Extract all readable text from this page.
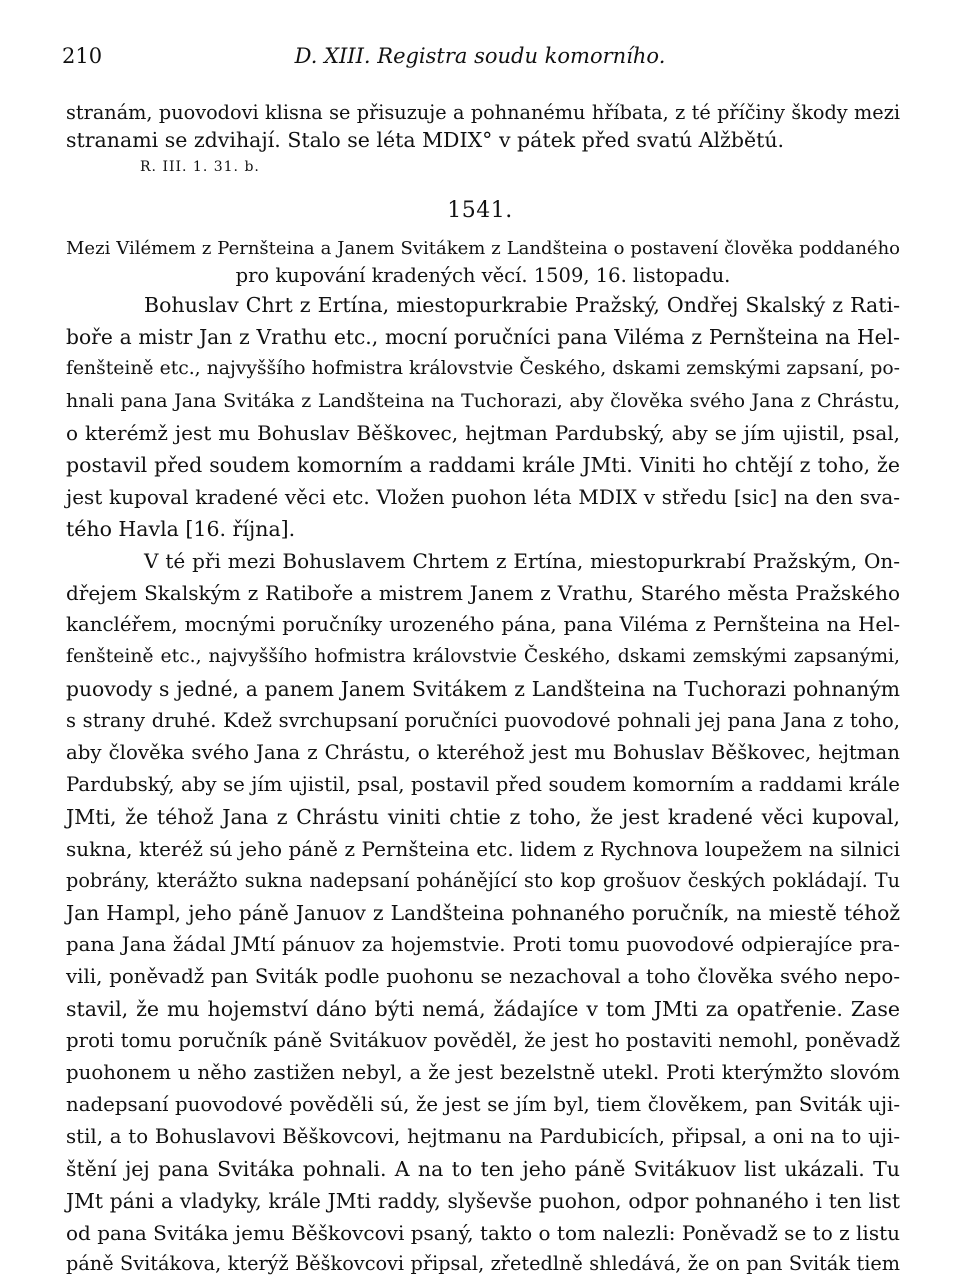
210	D. XIII. Registra soudu komorního.
stranám, puovodovi klisna se přisuzuje a pohnanému hříbata, z té příčiny škody mezi
stranami se zdvihají. Stalo se léta MDIX° v pátek před svatú Alžbětú.
R. III. 1. 31. b.
1541.
Mezi Vilémem z Pernšteina a Janem Svitákem z Landšteina o postavení člověka poddaného
pro kupování kradených věcí. 1509, 16. listopadu.
Bohuslav Chrt z Ertína, miestopurkrabie Pražský, Ondřej Skalský z Rati-
boře a mistr Jan z Vrathu etc., mocní poručníci pana Viléma z Pernšteina na Hel-
fenšteině etc., najvyššího hofmistra královstvie Českého, dskami zemskými zapsaní, po-
hnali pana Jana Svitáka z Landšteina na Tuchorazi, aby člověka svého Jana z Chrástu,
o kterémž jest mu Bohuslav Běškovec, hejtman Pardubský, aby se jím ujistil, psal,
postavil před soudem komorním a raddami krále JMti. Viniti ho chtějí z toho, že
jest kupoval kradené věci etc. Vložen puohon léta MDIX v středu [sic] na den sva-
tého Havla [16. října].
V té při mezi Bohuslavem Chrtem z Ertína, miestopurkrabí Pražským, On-
dřejem Skalským z Ratibořе a mistrem Janem z Vrathu, Starého města Pražského
kancléřem, mocnými poručníky urozeného pána, pana Viléma z Pernšteina na Hel-
fenšteině etc., najvyššího hofmistra královstvie Českého, dskami zemskými zapsanými,
puovody s jedné, a panem Janem Svitákem z Landšteina na Tuchorazi pohnaným
s strany druhé. Kdež svrchupsaní poručníci puovodové pohnali jej pana Jana z toho,
aby člověka svého Jana z Chrástu, o kteréhož jest mu Bohuslav Běškovec, hejtman
Pardubský, aby se jím ujistil, psal, postavil před soudem komorním a raddami krále
JMti, že téhož Jana z Chrástu viniti chtie z toho, že jest kradené věci kupoval,
sukna, kteréž sú jeho páně z Pernšteina etc. lidem z Rychnova loupežem na silnici
pobrány, kterážto sukna nadepsaní pohánějící sto kop grošuov českých pokládají. Tu
Jan Hampl, jeho páně Januov z Landšteina pohnaného poručník, na miestě téhož
pana Jana žádal JMtí pánuov za hojemstvie. Proti tomu puovodové odpierajíce pra-
vili, poněvadž pan Sviták podle puohonu se nezachoval a toho člověka svého nepo-
stavil, že mu hojemství dáno býti nemá, žádajíce v tom JMti za opatřenie. Zase
proti tomu poručník páně Svitákuov pověděl, že jest ho postaviti nemohl, poněvadž
puohonem u něho zastižen nebyl, a že jest bezelstně utekl. Proti kterýmžto slovóm
nadepsaní puovodové pověděli sú, že jest se jím byl, tiem člověkem, pan Sviták uji-
stil, a to Bohuslavovi Běškovcovi, hejtmanu na Pardubicích, připsal, a oni na to uji-
štění jej pana Svitáka pohnali. A na to ten jeho páně Svitákuov list ukázali. Tu
JMt páni a vladyky, krále JMti raddy, slyševše puohon, odpor pohnaného i ten list
od pana Svitáka jemu Běškovcovi psaný, takto o tom nalezli: Poněvadž se to z listu
páně Svitákova, kterýž Běškovcovi připsal, zřetedlně shledává, že on pan Sviták tiem
